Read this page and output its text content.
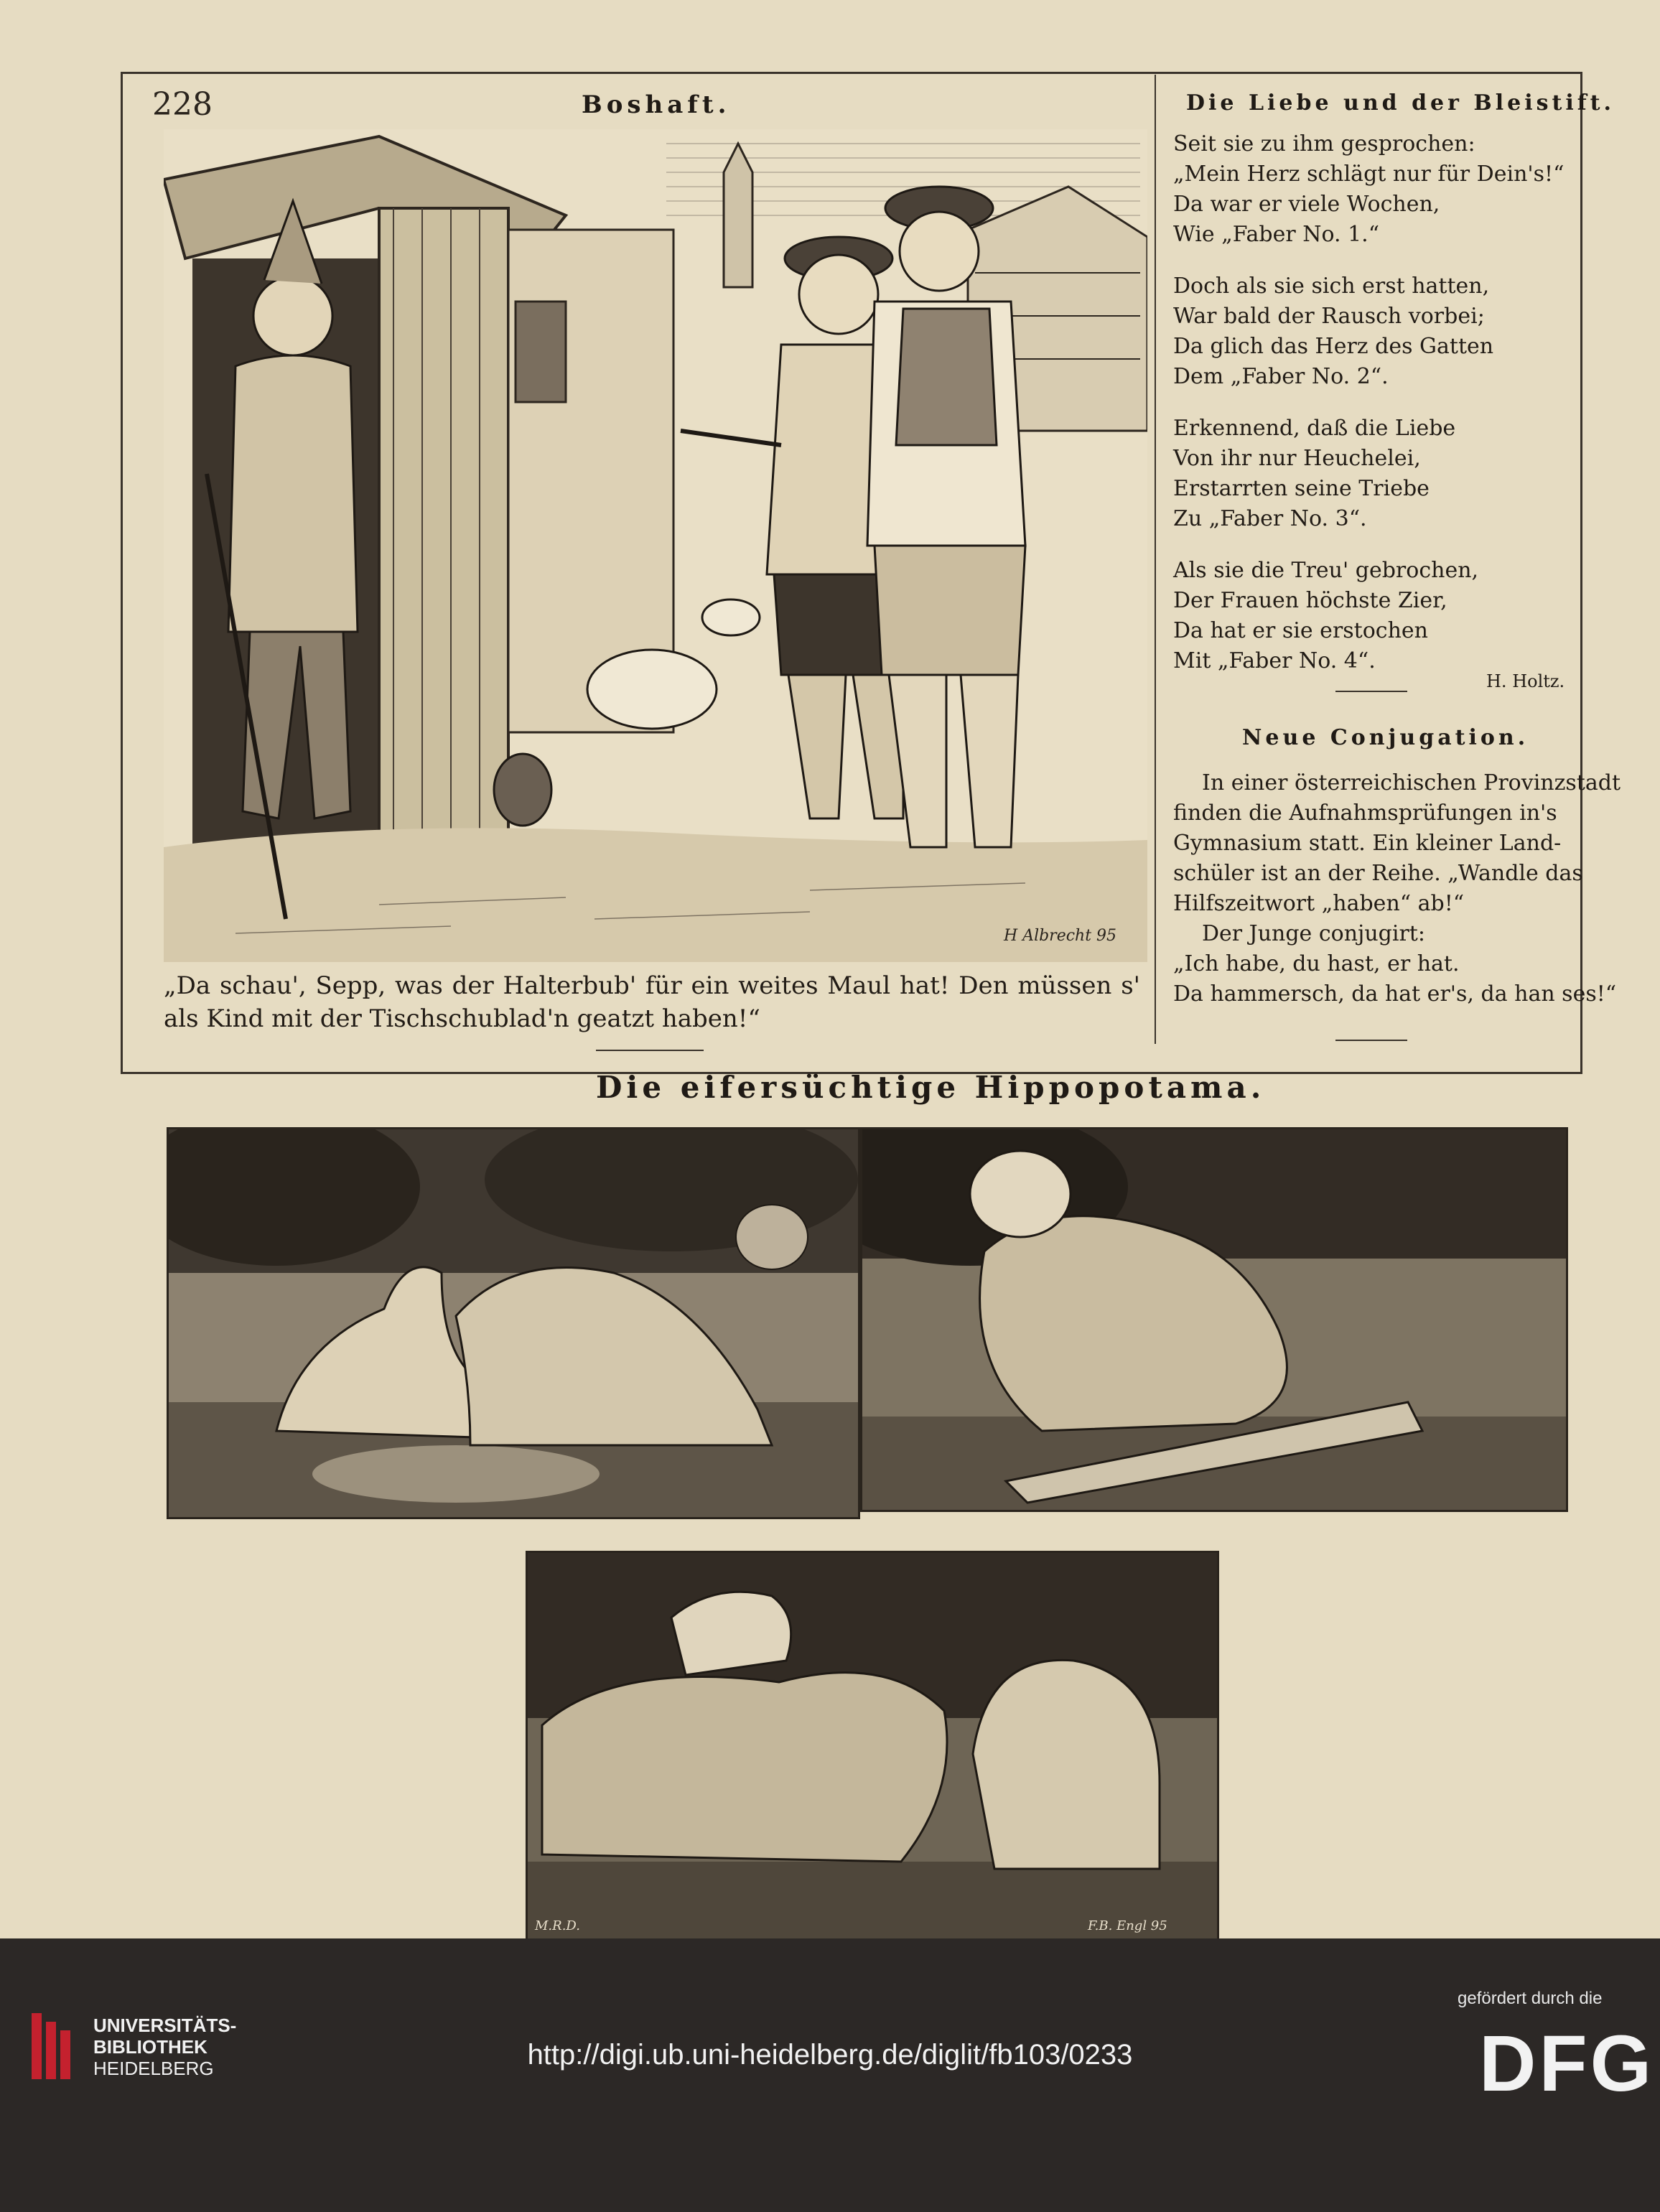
228	Boshaft.
H Albrecht 95
„Da schau', Sepp, was der Halterbub' für ein weites Maul hat! Den müssen s' als Kind mit der Tischschublad'n geatzt haben!“
Die Liebe und der Bleistift.
Seit sie zu ihm gesprochen:
„Mein Herz schlägt nur für Dein's!“
Da war er viele Wochen,
Wie „Faber No. 1.“
Doch als sie sich erst hatten,
War bald der Rausch vorbei;
Da glich das Herz des Gatten
Dem „Faber No. 2“.
Erkennend, daß die Liebe
Von ihr nur Heuchelei,
Erstarrten seine Triebe
Zu „Faber No. 3“.
Als sie die Treu' gebrochen,
Der Frauen höchste Zier,
Da hat er sie erstochen
Mit „Faber No. 4“.
H. Holtz.
Neue Conjugation.

In einer österreichischen Provinzstadt
finden die Aufnahmsprüfungen in's
Gymnasium statt. Ein kleiner Land-
schüler ist an der Reihe. „Wandle das
Hilfszeitwort „haben“ ab!“
Der Junge conjugirt:
„Ich habe, du hast, er hat.
Da hammersch, da hat er's, da han ses!“

Die eifersüchtige Hippopotama.
M.R.D.	F.B. Engl 95
UNIVERSITÄTS-
BIBLIOTHEK
HEIDELBERG	http://digi.ub.uni-heidelberg.de/diglit/fb103/0233
gefördert durch die
DFG
